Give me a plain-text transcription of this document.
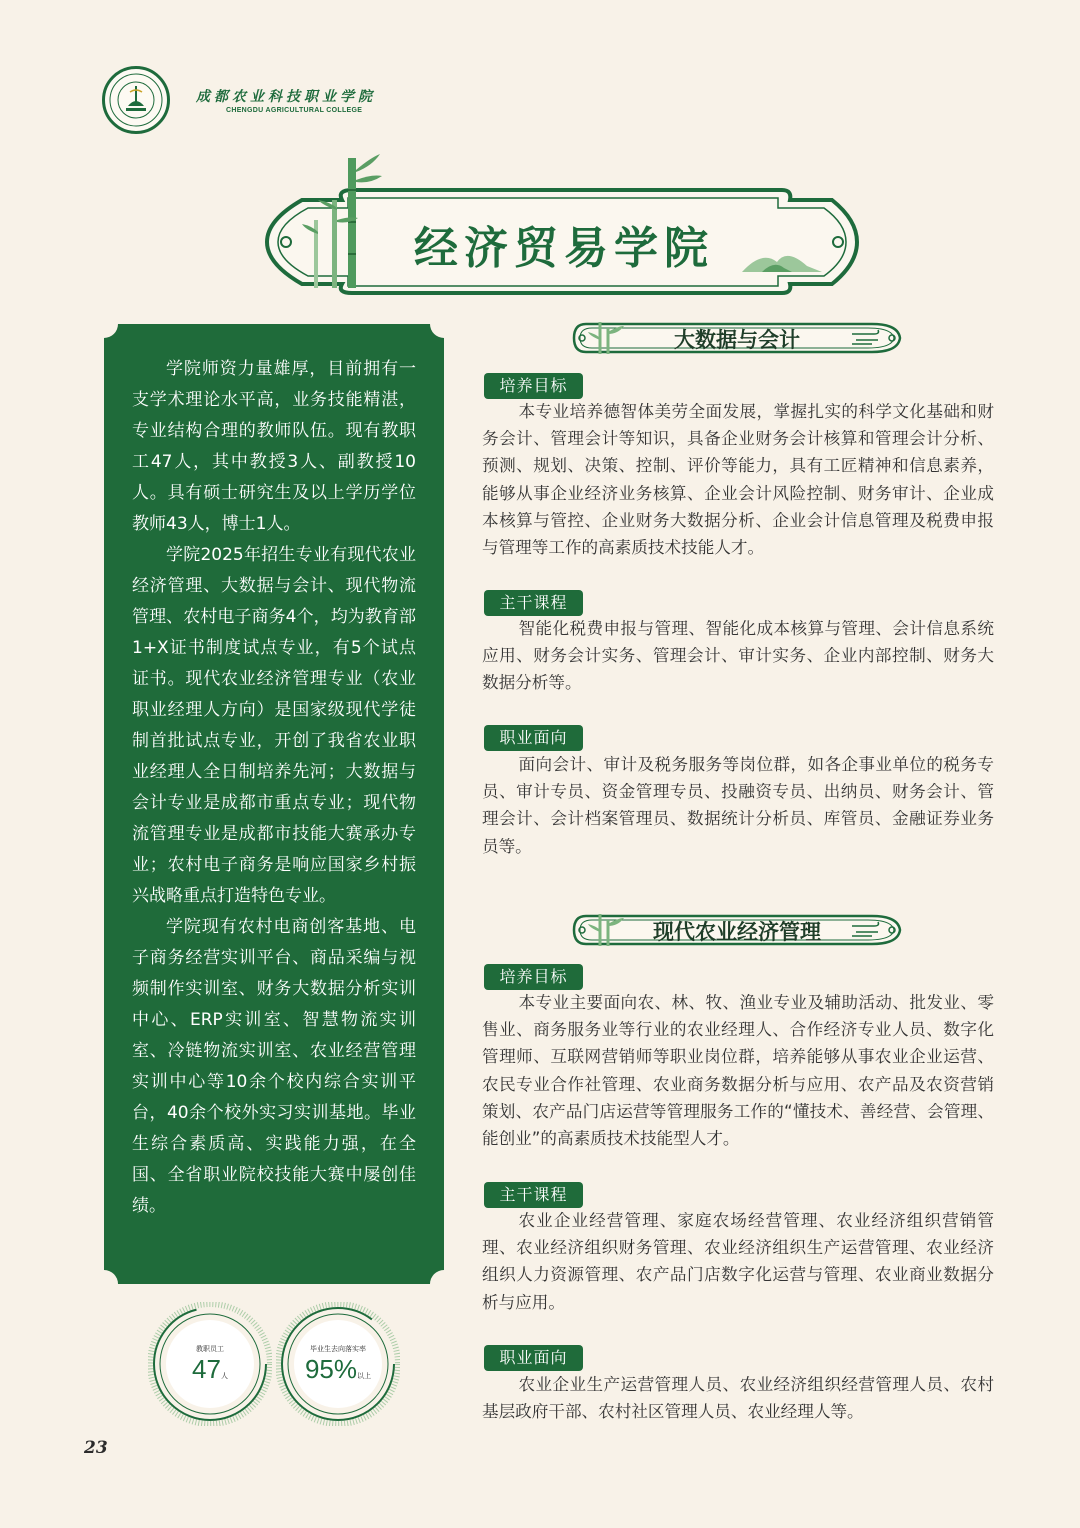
成都农业科技职业学院
CHENGDU AGRICULTURAL COLLEGE
经济贸易学院

学院师资力量雄厚，目前拥有一支学术理论水平高，业务技能精湛，专业结构合理的教师队伍。现有教职工47人，其中教授3人、副教授10人。具有硕士研究生及以上学历学位教师43人，博士1人。

学院2025年招生专业有现代农业经济管理、大数据与会计、现代物流管理、农村电子商务4个，均为教育部1+X证书制度试点专业，有5个试点证书。现代农业经济管理专业（农业职业经理人方向）是国家级现代学徒制首批试点专业，开创了我省农业职业经理人全日制培养先河；大数据与会计专业是成都市重点专业；现代物流管理专业是成都市技能大赛承办专业；农村电子商务是响应国家乡村振兴战略重点打造特色专业。

学院现有农村电商创客基地、电子商务经营实训平台、商品采编与视频制作实训室、财务大数据分析实训中心、ERP实训室、智慧物流实训室、冷链物流实训室、农业经营管理实训中心等10余个校内综合实训平台，40余个校外实习实训基地。毕业生综合素质高、实践能力强，在全国、全省职业院校技能大赛中屡创佳绩。

教职员工
47人
毕业生去向落实率
95%以上
23
大数据与会计
培养目标

本专业培养德智体美劳全面发展，掌握扎实的科学文化基础和财务会计、管理会计等知识，具备企业财务会计核算和管理会计分析、预测、规划、决策、控制、评价等能力，具有工匠精神和信息素养，能够从事企业经济业务核算、企业会计风险控制、财务审计、企业成本核算与管控、企业财务大数据分析、企业会计信息管理及税费申报与管理等工作的高素质技术技能人才。

主干课程

智能化税费申报与管理、智能化成本核算与管理、会计信息系统应用、财务会计实务、管理会计、审计实务、企业内部控制、财务大数据分析等。

职业面向

面向会计、审计及税务服务等岗位群，如各企事业单位的税务专员、审计专员、资金管理专员、投融资专员、出纳员、财务会计、管理会计、会计档案管理员、数据统计分析员、库管员、金融证券业务员等。

现代农业经济管理
培养目标

本专业主要面向农、林、牧、渔业专业及辅助活动、批发业、零售业、商务服务业等行业的农业经理人、合作经济专业人员、数字化管理师、互联网营销师等职业岗位群，培养能够从事农业企业运营、农民专业合作社管理、农业商务数据分析与应用、农产品及农资营销策划、农产品门店运营等管理服务工作的“懂技术、善经营、会管理、能创业”的高素质技术技能型人才。

主干课程

农业企业经营管理、家庭农场经营管理、农业经济组织营销管理、农业经济组织财务管理、农业经济组织生产运营管理、农业经济组织人力资源管理、农产品门店数字化运营与管理、农业商业数据分析与应用。

职业面向

农业企业生产运营管理人员、农业经济组织经营管理人员、农村基层政府干部、农村社区管理人员、农业经理人等。
